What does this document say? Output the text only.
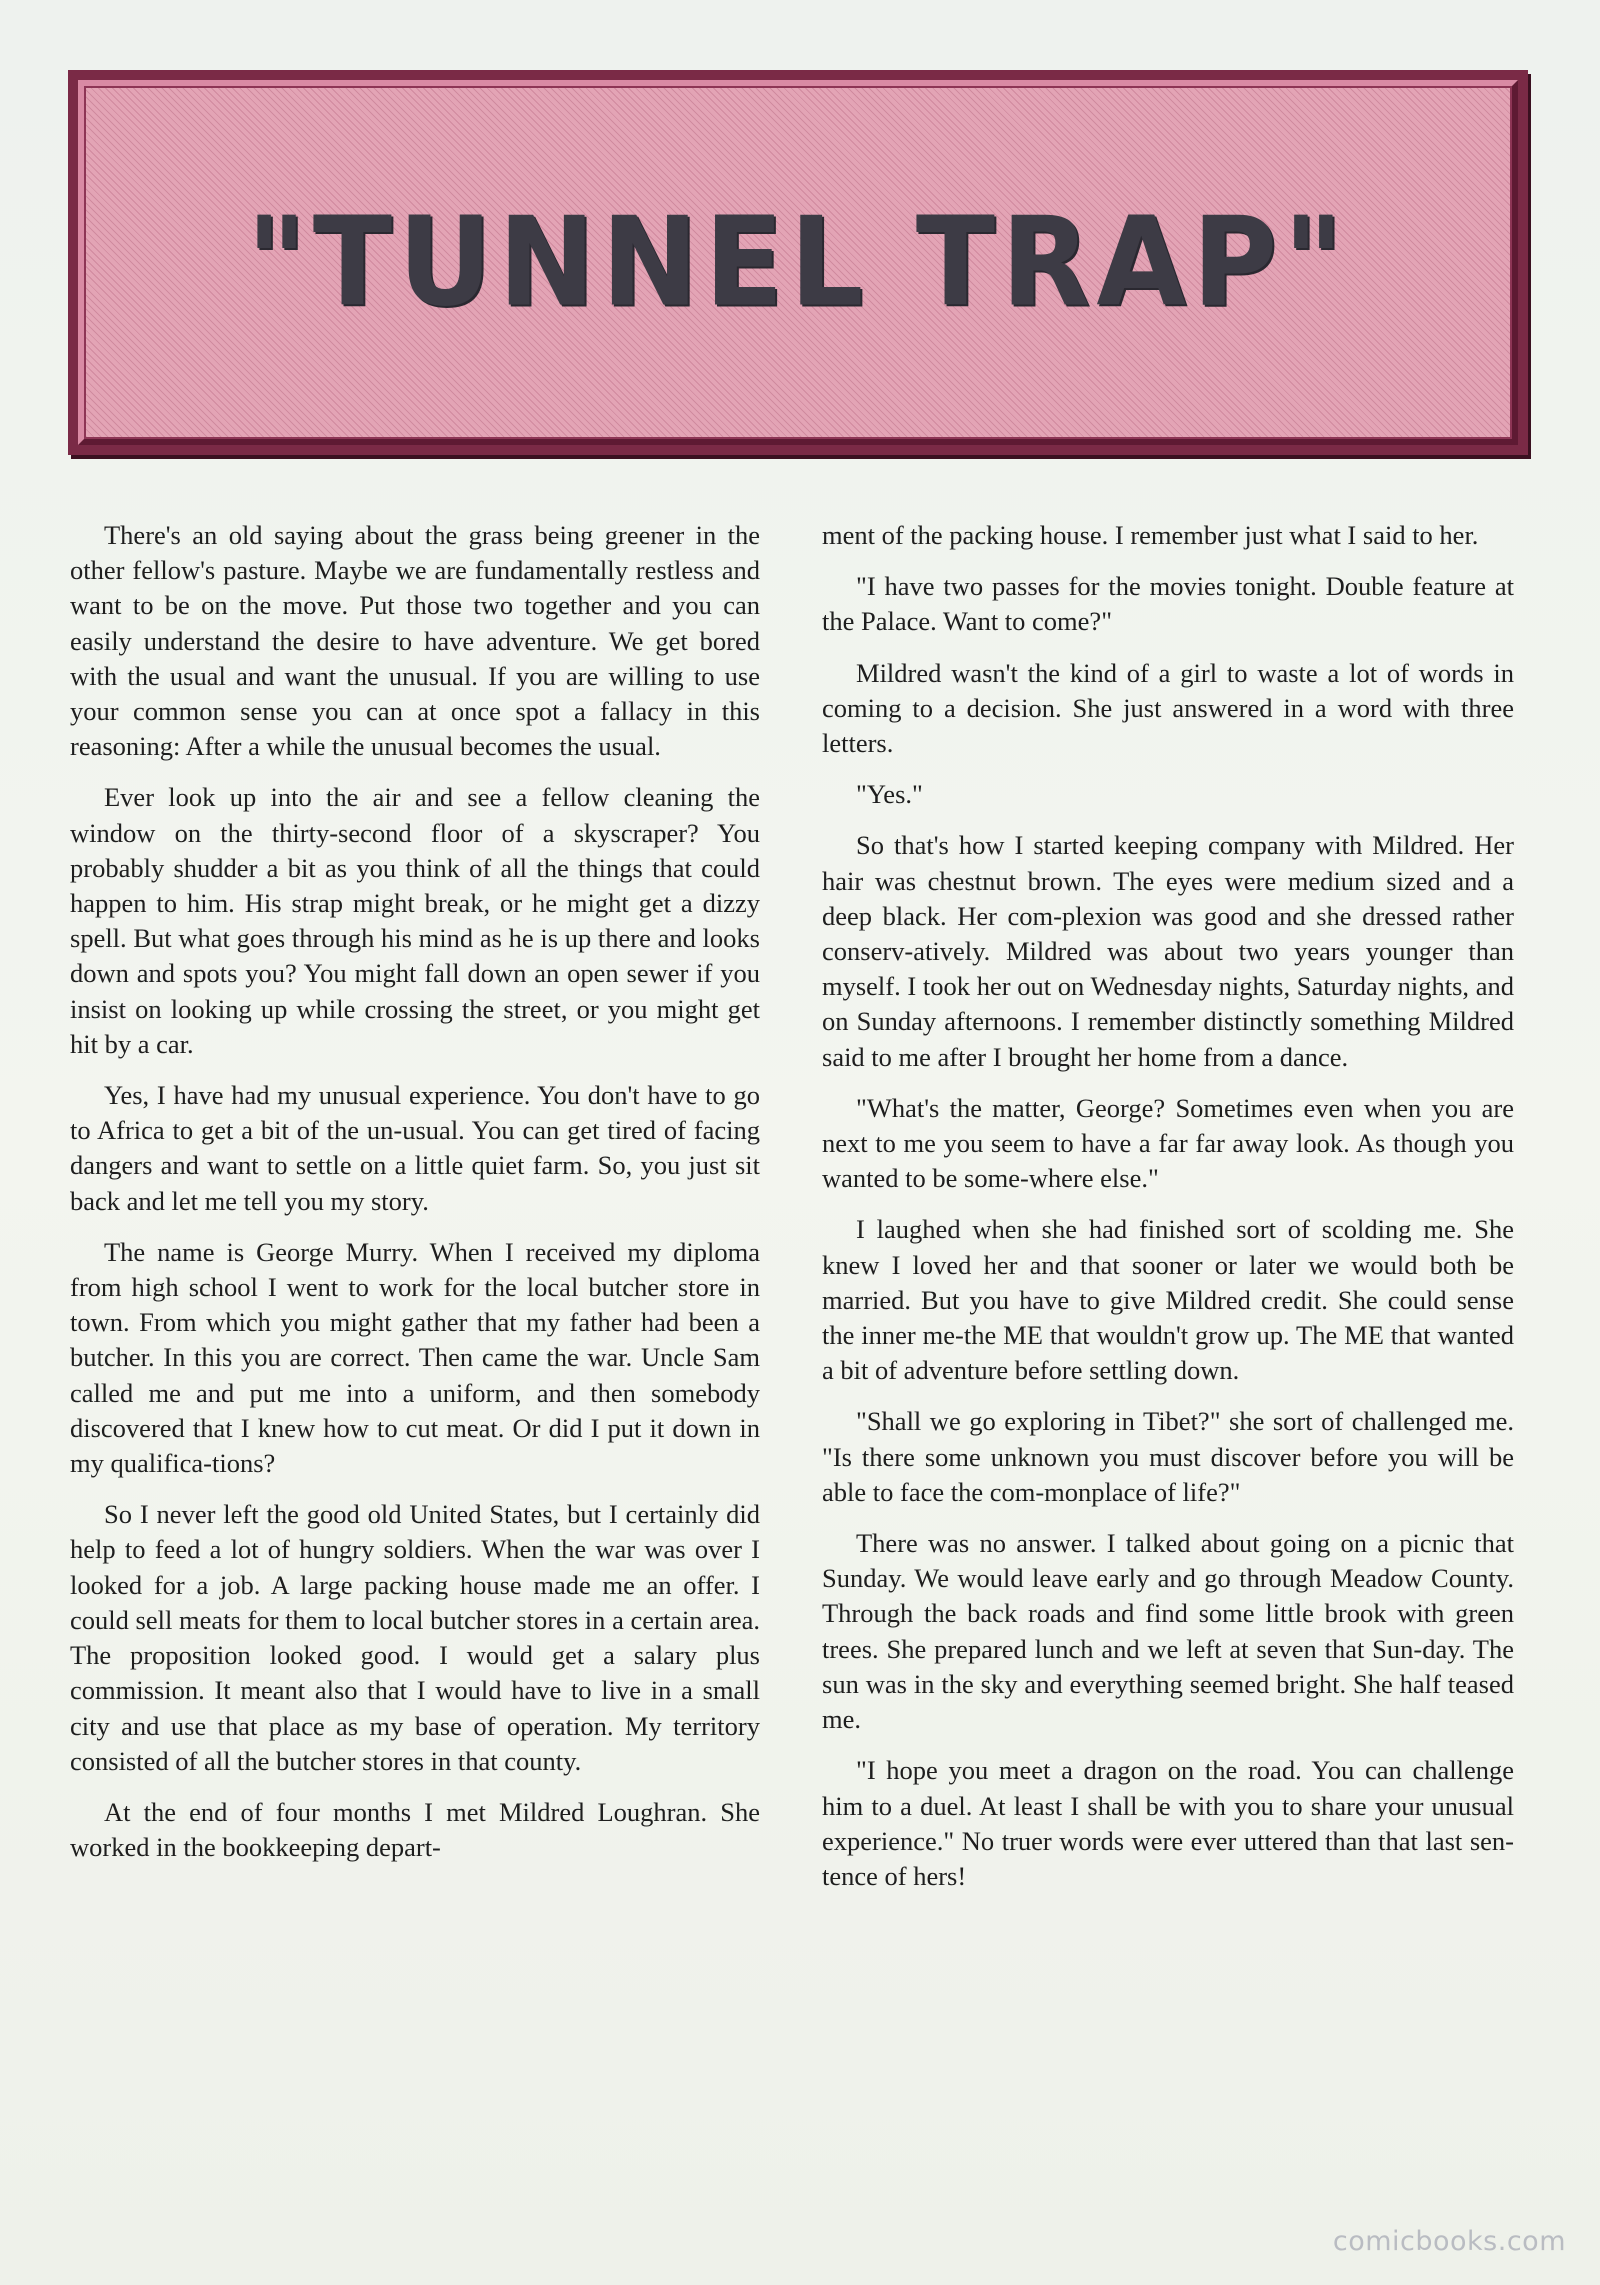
"TUNNEL TRAP"

There's an old saying about the grass being greener in the other fellow's pasture. Maybe we are fundamentally restless and want to be on the move. Put those two together and you can easily understand the desire to have adventure. We get bored with the usual and want the unusual. If you are willing to use your common sense you can at once spot a fallacy in this reasoning: After a while the unusual becomes the usual.

Ever look up into the air and see a fellow cleaning the window on the thirty-second floor of a skyscraper? You probably shudder a bit as you think of all the things that could happen to him. His strap might break, or he might get a dizzy spell. But what goes through his mind as he is up there and looks down and spots you? You might fall down an open sewer if you insist on looking up while crossing the street, or you might get hit by a car.

Yes, I have had my unusual experience. You don't have to go to Africa to get a bit of the un-usual. You can get tired of facing dangers and want to settle on a little quiet farm. So, you just sit back and let me tell you my story.

The name is George Murry. When I received my diploma from high school I went to work for the local butcher store in town. From which you might gather that my father had been a butcher. In this you are correct. Then came the war. Uncle Sam called me and put me into a uniform, and then somebody discovered that I knew how to cut meat. Or did I put it down in my qualifica-tions?

So I never left the good old United States, but I certainly did help to feed a lot of hungry soldiers. When the war was over I looked for a job. A large packing house made me an offer. I could sell meats for them to local butcher stores in a certain area. The proposition looked good. I would get a salary plus commission. It meant also that I would have to live in a small city and use that place as my base of operation. My territory consisted of all the butcher stores in that county.

At the end of four months I met Mildred Loughran. She worked in the bookkeeping depart-

ment of the packing house. I remember just what I said to her.

"I have two passes for the movies tonight. Double feature at the Palace. Want to come?"

Mildred wasn't the kind of a girl to waste a lot of words in coming to a decision. She just answered in a word with three letters.

"Yes."

So that's how I started keeping company with Mildred. Her hair was chestnut brown. The eyes were medium sized and a deep black. Her com-plexion was good and she dressed rather conserv-atively. Mildred was about two years younger than myself. I took her out on Wednesday nights, Saturday nights, and on Sunday afternoons. I remember distinctly something Mildred said to me after I brought her home from a dance.

"What's the matter, George? Sometimes even when you are next to me you seem to have a far far away look. As though you wanted to be some-where else."

I laughed when she had finished sort of scolding me. She knew I loved her and that sooner or later we would both be married. But you have to give Mildred credit. She could sense the inner me-the ME that wouldn't grow up. The ME that wanted a bit of adventure before settling down.

"Shall we go exploring in Tibet?" she sort of challenged me. "Is there some unknown you must discover before you will be able to face the com-monplace of life?"

There was no answer. I talked about going on a picnic that Sunday. We would leave early and go through Meadow County. Through the back roads and find some little brook with green trees. She prepared lunch and we left at seven that Sun-day. The sun was in the sky and everything seemed bright. She half teased me.

"I hope you meet a dragon on the road. You can challenge him to a duel. At least I shall be with you to share your unusual experience." No truer words were ever uttered than that last sen-tence of hers!

comicbooks.com
